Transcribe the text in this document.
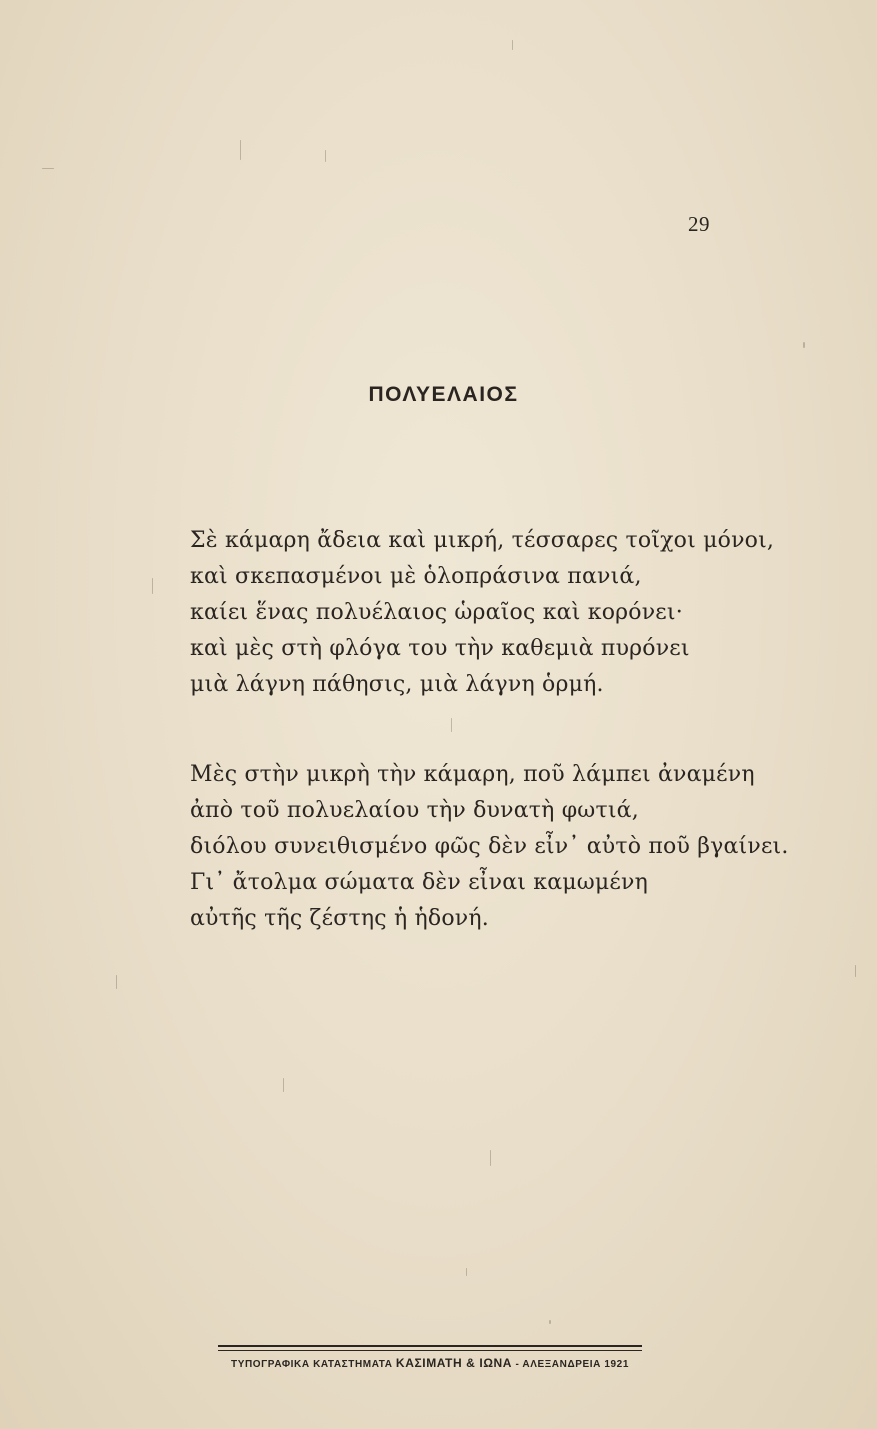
29
ΠΟΛΥΕΛΑΙΟΣ
Σὲ κάμαρη ἄδεια καὶ μικρή, τέσσαρες τοῖχοι μόνοι,
καὶ σκεπασμένοι μὲ ὁλοπράσινα πανιά,
καίει ἕνας πολυέλαιος ὡραῖος καὶ κορόνει·
καὶ μὲς στὴ φλόγα του τὴν καθεμιὰ πυρόνει
μιὰ λάγνη πάθησις, μιὰ λάγνη ὁρμή.
Μὲς στὴν μικρὴ τὴν κάμαρη, ποῦ λάμπει ἀναμένη
ἀπὸ τοῦ πολυελαίου τὴν δυνατὴ φωτιά,
διόλου συνειθισμένο φῶς δὲν εἶν᾽ αὐτὸ ποῦ βγαίνει.
Γι᾽ ἄτολμα σώματα δὲν εἶναι καμωμένη
αὐτῆς τῆς ζέστης ἡ ἡδονή.
ΤΥΠΟΓΡΑΦΙΚΑ ΚΑΤΑΣΤΗΜΑΤΑ ΚΑΣΙΜΑΤΗ & ΙΩΝΑ - ΑΛΕΞΑΝΔΡΕΙΑ 1921
